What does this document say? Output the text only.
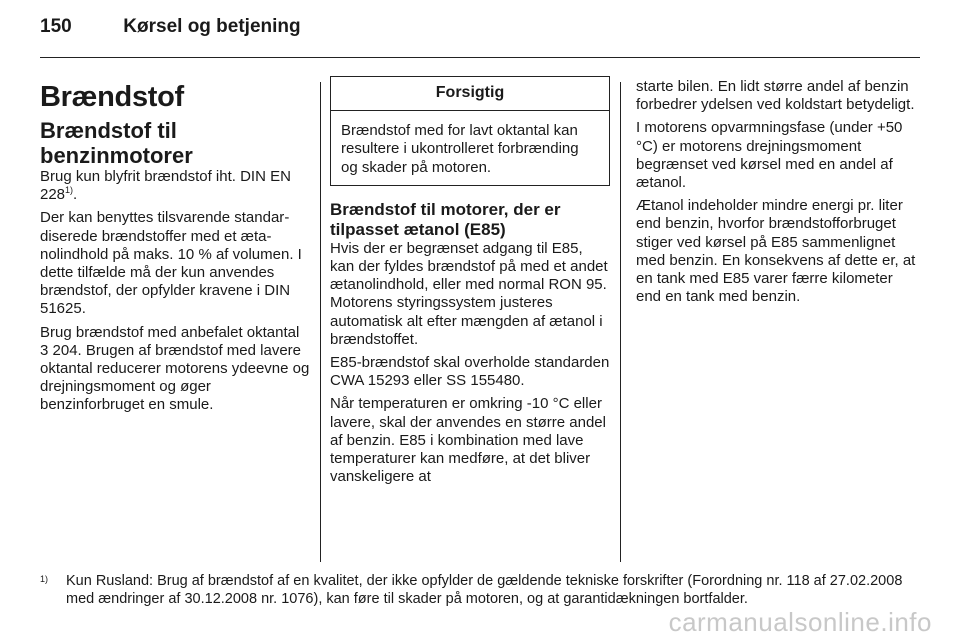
150	Kørsel og betjening
Brændstof
Brændstof til benzinmotorer

Brug kun blyfrit brændstof iht. DIN EN 228$^{1)}$.

Der kan benyttes tilsvarende standardiserede brændstoffer med et ætanolindhold på maks. 10 % af volumen. I dette tilfælde må der kun anvendes brændstof, der opfylder kravene i DIN 51625.

Brug brændstof med anbefalet oktantal 3 204. Brugen af brændstof med lavere oktantal reducerer motorens ydeevne og drejningsmoment og øger benzinforbruget en smule.

Forsigtig
Brændstof med for lavt oktantal kan resultere i ukontrolleret forbrænding og skader på motoren.
Brændstof til motorer, der er tilpasset ætanol (E85)

Hvis der er begrænset adgang til E85, kan der fyldes brændstof på med et andet ætanolindhold, eller med normal RON 95. Motorens styringssystem justeres automatisk alt efter mængden af ætanol i brændstoffet.

E85-brændstof skal overholde standarden CWA 15293 eller SS 155480.

Når temperaturen er omkring -10 °C eller lavere, skal der anvendes en større andel af benzin. E85 i kombination med lave temperaturer kan medføre, at det bliver vanskeligere at

starte bilen. En lidt større andel af benzin forbedrer ydelsen ved koldstart betydeligt.

I motorens opvarmningsfase (under +50 °C) er motorens drejningsmoment begrænset ved kørsel med en andel af ætanol.

Ætanol indeholder mindre energi pr. liter end benzin, hvorfor brændstofforbruget stiger ved kørsel på E85 sammenlignet med benzin. En konsekvens af dette er, at en tank med E85 varer færre kilometer end en tank med benzin.

1) Kun Rusland: Brug af brændstof af en kvalitet, der ikke opfylder de gældende tekniske forskrifter (Forordning nr. 118 af 27.02.2008 med ændringer af 30.12.2008 nr. 1076), kan føre til skader på motoren, og at garantidækningen bortfalder.
carmanualsonline.info
